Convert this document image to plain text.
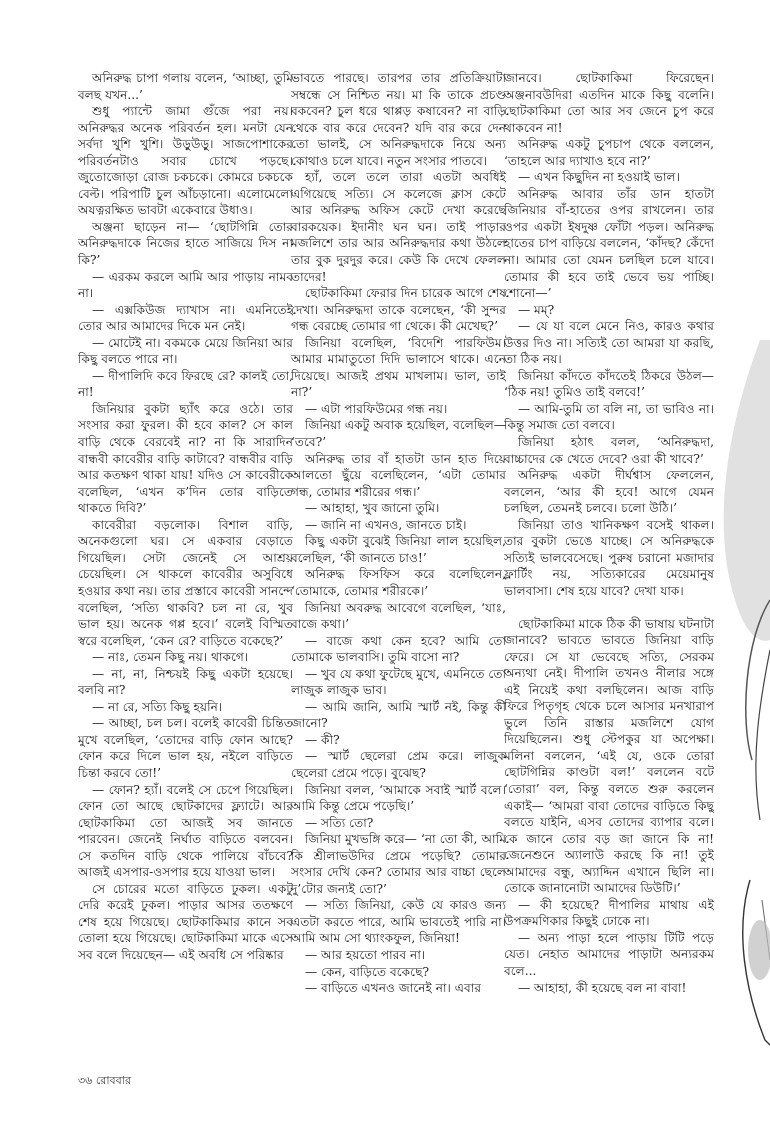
অনিরুদ্ধ চাপা গলায় বলেন, ‘আচ্ছা, তুমি বলছ যখন...’

শুধু প্যান্টে জামা গুঁজে পরা নয়। অনিরুদ্ধর অনেক পরিবর্তন হল। মনটা যেন সর্বদা খুশি খুশি। উড়ুউড়ু। সাজপোশাকের পরিবর্তনটাও সবার চোখে পড়ছে। জুতোজোড়া রোজ চকচকে। কোমরে চকচকে বেল্ট। পরিপাটি চুল আঁচড়ানো। এলোমেলো অযত্নরক্ষিত ভাবটা একেবারে উধাও।

অঞ্জনা ছাড়েন না— ‘ছোটগিন্নি তোর অনিরুদ্ধদাকে নিজের হাতে সাজিয়ে দিস না কি?’

— এরকম করলে আমি আর পাড়ায় নামব না।

— এক্সকিউজ দ্যাখাস না। এমনিতেই তোর আর আমাদের দিকে মন নেই।

— মোটেই না। বকমকে মেয়ে জিনিয়া আর কিছু বলতে পারে না।

— দীপালিদি কবে ফিরছে রে? কালই তো, না!

জিনিয়ার বুকটা ছ্যাঁৎ করে ওঠে। তার সংসার করা ফুরল। কী হবে কাল? সে কাল বাড়ি থেকে বেরবেই না? না কি সারাদিন বান্ধবী কাবেরীর বাড়ি কাটাবে? বান্ধবীর বাড়ি আর কতক্ষণ থাকা যায়! যদিও সে কাবেরীকে বলেছিল, ‘এখন ক’দিন তোর বাড়িতে থাকতে দিবি?’

কাবেরীরা বড়লোক। বিশাল বাড়ি, অনেকগুলো ঘর। সে একবার বেড়াতে গিয়েছিল। সেটা জেনেই সে আশ্রয় চেয়েছিল। সে থাকলে কাবেরীর অসুবিধে হওয়ার কথা নয়। তার প্রস্তাবে কাবেরী সানন্দে বলেছিল, ‘সত্যি থাকবি? চল না রে, খুব ভাল হয়। অনেক গপ্প হবে।’ বলেই বিস্মিত স্বরে বলেছিল, ‘কেন রে? বাড়িতে বকেছে?’

— নাঃ, তেমন কিছু নয়। থাকগে।

— না, না, নিশ্চয়ই কিছু একটা হয়েছে। বলবি না?

— না রে, সত্যি কিছু হয়নি।

— আচ্ছা, চল চল। বলেই কাবেরী চিন্তিত মুখে বলেছিল, ‘তোদের বাড়ি ফোন আছে? ফোন করে দিলে ভাল হয়, নইলে বাড়িতে চিন্তা করবে তো!’

— ফোন? হ্যাঁ। বলেই সে চেপে গিয়েছিল। ফোন তো আছে ছোটকাদের ফ্ল্যাটে। আর ছোটকাকিমা তো আজই সব জানতে পারবেন। জেনেই নির্ঘাত বাড়িতে বলবেন। সে কতদিন বাড়ি থেকে পালিয়ে বাঁচবে? আজই এসপার-ওসপার হয়ে যাওয়া ভাল।

সে চোরের মতো বাড়িতে ঢুকল। একটু দেরি করেই ঢুকল। পাড়ার আসর ততক্ষণে শেষ হয়ে গিয়েছে। ছোটকাকিমার কানে সব তোলা হয়ে গিয়েছে। ছোটকাকিমা মাকে এসে সব বলে দিয়েছেন— এই অবধি সে পরিষ্কার

ভাবতে পারছে। তারপর তার প্রতিক্রিয়াটা সম্বন্ধে সে নিশ্চিত নয়। মা কি তাকে প্রচণ্ড বকবেন? চুল ধরে থাপ্পড় কষাবেন? না বাড়ি থেকে বার করে দেবেন? যদি বার করে দেন তো ভালই, সে অনিরুদ্ধদাকে নিয়ে অন্য কোথাও চলে যাবে। নতুন সংসার পাতবে।

হ্যাঁ, তলে তলে তারা এতটা অবধিই এগিয়েছে সত্যি। সে কলেজে ক্লাস কেটে আর অনিরুদ্ধ অফিস কেটে দেখা করেছে বারকয়েক। ইদানীং ঘন ঘন। তাই পাড়ার মজলিশে তার আর অনিরুদ্ধদার কথা উঠলে তার বুক দুরদুর করে। কেউ কি দেখে ফেলল তাদের!

ছোটকাকিমা ফেরার দিন চারেক আগে শেষ দেখা। অনিরুদ্ধদা তাকে বলেছেন, ‘কী সুন্দর গন্ধ বেরচ্ছে তোমার গা থেকে। কী মেখেছ?’

জিনিয়া বলেছিল, ‘বিদেশি পারফিউম। আমার মামাতুতো দিদি ভালাসে থাকে। এনে দিয়েছে। আজই প্রথম মাখলাম। ভাল, তাই না?’

— এটা পারফিউমের গন্ধ নয়।

জিনিয়া একটু অবাক হয়েছিল, বলেছিল— ‘তবে?’

অনিরুদ্ধ তার বাঁ হাতটা ডান হাত দিয়ে আলতো ছুঁয়ে বলেছিলেন, ‘এটা তোমার গন্ধ, তোমার শরীরের গন্ধ।’

— আহাহা, খুব জানো তুমি।

— জানি না এখনও, জানতে চাই।

কিছু একটা বুঝেই জিনিয়া লাল হয়েছিল, বলেছিল, ‘কী জানতে চাও!’

অনিরুদ্ধ ফিসফিস করে বলেছিলেন, ‘তোমাকে, তোমার শরীরকে।’

জিনিয়া অবরুদ্ধ আবেগে বলেছিল, ‘যাঃ, বাজে কথা।’

— বাজে কথা কেন হবে? আমি তো তোমাকে ভালবাসি। তুমি বাসো না?

— খুব যে কথা ফুটেছে মুখে, এমনিতে তো লাজুক লাজুক ভাব।

— আমি জানি, আমি স্মার্ট নই, কিন্তু কী জানো?

— কী?

— স্মার্ট ছেলেরা প্রেম করে। লাজুক ছেলেরা প্রেমে পড়ে। বুঝেছ?

জিনিয়া বলল, ‘আমাকে সবাই স্মার্ট বলে। আমি কিন্তু প্রেমে পড়েছি।’

— সত্যি তো?

জিনিয়া মুখভঙ্গি করে— ‘না তো কী, আমি কি শ্রীলাভউদির প্রেমে পড়েছি? তোমার সংসার দেখি কেন? তোমার আর বাচ্চা ছেলে দু’টোর জন্যই তো?’

— সত্যি জিনিয়া, কেউ যে কারও জন্য এতটা করতে পারে, আমি ভাবতেই পারি না। আমি আম সো থ্যাংকফুল, জিনিয়া!

— আর হয়তো পারব না।

— কেন, বাড়িতে বকেছে?

— বাড়িতে এখনও জানেই না। এবার

জানবে। ছোটকাকিমা ফিরেছেন। অঞ্জনাবউদিরা এতদিন মাকে কিছু বলেনি। ছোটকাকিমা তো আর সব জেনে চুপ করে থাকবেন না!

অনিরুদ্ধ একটু চুপচাপ থেকে বললেন, ‘তাহলে আর দ্যাখাও হবে না?’

— এখন কিছুদিন না হওয়াই ভাল।

অনিরুদ্ধ আবার তাঁর ডান হাতটা জিনিয়ার বাঁ-হাতের ওপর রাখলেন। তার ওপর একটা ইষদুষ্ণ ফোঁটা পড়ল। অনিরুদ্ধ হাতের চাপ বাড়িয়ে বললেন, ‘কাঁদছ? কেঁদো না। আমার তো যেমন চলছিল চলে যাবে। তোমার কী হবে তাই ভেবে ভয় পাচ্ছি। শোনো—’

— মম্?

— যে যা বলে মেনে নিও, কারও কথার উত্তর দিও না। সত্যিই তো আমরা যা করছি, তা ঠিক নয়।

জিনিয়া কাঁদতে কাঁদতেই ঠিকরে উঠল— ‘ঠিক নয়! তুমিও তাই বলবে!’

— আমি-তুমি তা বলি না, তা ভাবিও না। কিন্তু সমাজ তো বলবে।

জিনিয়া হঠাৎ বলল, ‘অনিরুদ্ধদা, বাচ্চাদের কে খেতে দেবে? ওরা কী খাবে?’

অনিরুদ্ধ একটা দীর্ঘশ্বাস ফেললেন, বললেন, ‘আর কী হবে! আগে যেমন চলছিল, তেমনই চলবে। চলো উঠি।’

জিনিয়া তাও খানিকক্ষণ বসেই থাকল। তার বুকটা ভেঙে যাচ্ছে। সে অনিরুদ্ধকে সত্যিই ভালবেসেছে। পুরুষ চরানো মজাদার ফ্লার্টিং নয়, সত্যিকারের মেয়েমানুষ ভালবাসা। শেষ হয়ে যাবে? দেখা যাক।

ছোটকাকিমা মাকে ঠিক কী ভাষায় ঘটনাটা জানাবে? ভাবতে ভাবতে জিনিয়া বাড়ি ফেরে। সে যা ভেবেছে সত্যি, সেরকম অন্যথা নেই। দীপালি তখনও নীলার সঙ্গে এই নিয়েই কথা বলছিলেন। আজ বাড়ি ফিরে পিতৃগৃহ থেকে চলে আসার মনখারাপ ভুলে তিনি রাস্তার মজলিশে যোগ দিয়েছিলেন। শুধু স্টেপকুর যা অপেক্ষা। মলিনা বললেন, ‘এই যে, ওকে তোরা ছোটগিন্নির কাণ্ডটা বল!’ বললেন বটে ‘তোরা’ বল, কিন্তু বলতে শুরু করলেন একাই— ‘আমরা বাবা তোদের বাড়িতে কিছু বলতে যাইনি, এসব তোদের ব্যাপার বলে। কে জানে তোর বড় জা জানে কি না! জেনেশুনে অ্যালাউ করছে কি না! তুই আমাদের বন্ধু, অ্যাদ্দিন এখানে ছিলি না। তোকে জানানোটা আমাদের ডিউটি।’

— কী হয়েছে? দীপালির মাথায় এই উপক্রমণিকার কিছুই ঢোকে না।

— অন্য পাড়া হলে পাড়ায় টিটি পড়ে যেত। নেহাত আমাদের পাড়াটা অন্যরকম বলে...

— আহাহা, কী হয়েছে বল না বাবা!

৩৬ রোববার
